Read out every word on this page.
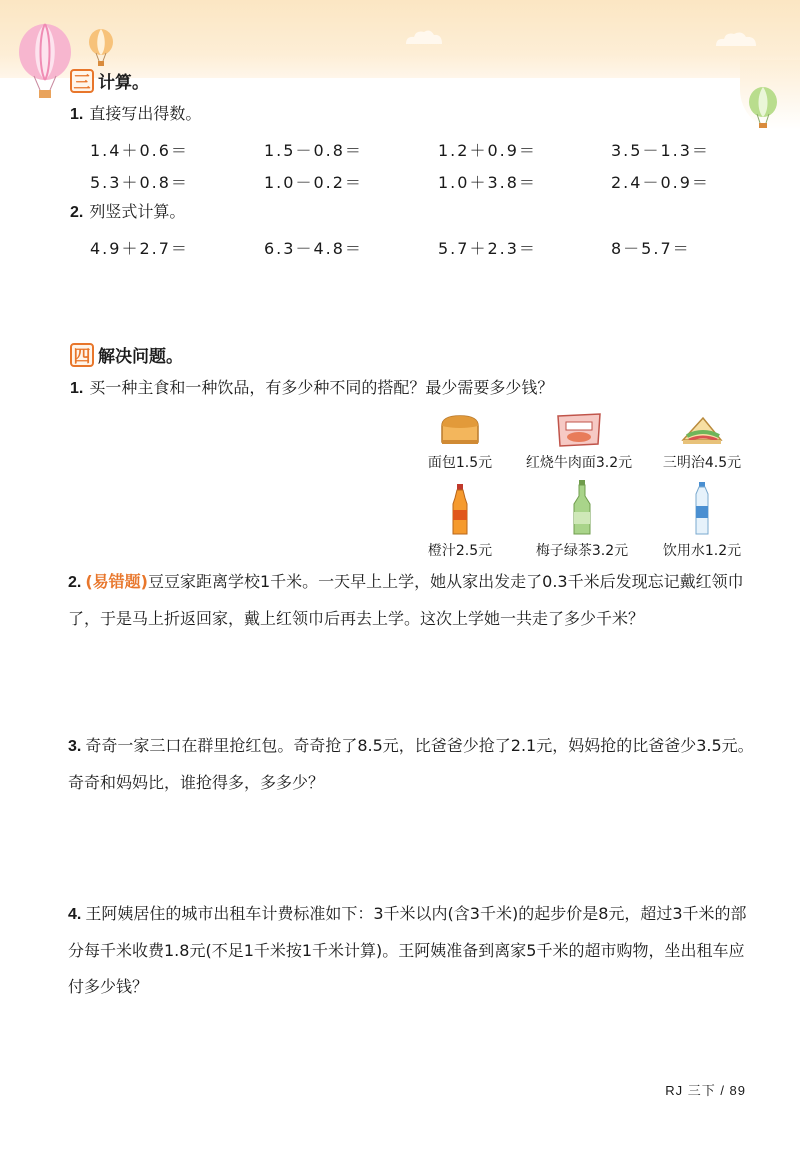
三 计算。
1. 直接写出得数。
1.4＋0.6＝	1.5－0.8＝	1.2＋0.9＝	3.5－1.3＝
5.3＋0.8＝	1.0－0.2＝	1.0＋3.8＝	2.4－0.9＝
2. 列竖式计算。
4.9＋2.7＝	6.3－4.8＝	5.7＋2.3＝	8－5.7＝
四 解决问题。
1. 买一种主食和一种饮品，有多少种不同的搭配？最少需要多少钱？
面包1.5元	红烧牛肉面3.2元	三明治4.5元
橙汁2.5元	梅子绿茶3.2元	饮用水1.2元
2. (易错题)豆豆家距离学校1千米。一天早上上学，她从家出发走了0.3千米后发现忘记戴红领巾了，于是马上折返回家，戴上红领巾后再去上学。这次上学她一共走了多少千米？
3. 奇奇一家三口在群里抢红包。奇奇抢了8.5元，比爸爸少抢了2.1元，妈妈抢的比爸爸少3.5元。奇奇和妈妈比，谁抢得多，多多少？
4. 王阿姨居住的城市出租车计费标准如下：3千米以内(含3千米)的起步价是8元，超过3千米的部分每千米收费1.8元(不足1千米按1千米计算)。王阿姨准备到离家5千米的超市购物，坐出租车应付多少钱？
RJ 三下 / 89
